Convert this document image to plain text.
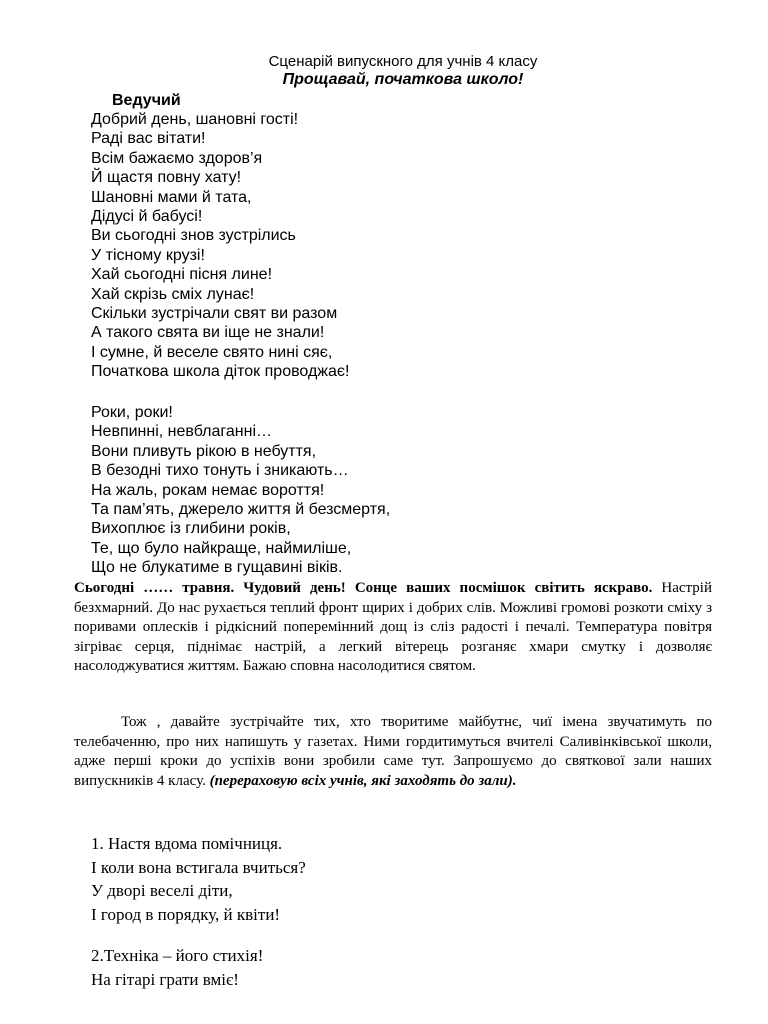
Сценарій випускного для учнів 4 класу
Прощавай, початкова школо!
Ведучий
Добрий день, шановні гості!
Раді вас вітати!
Всім бажаємо здоров’я
Й щастя повну хату!
Шановні мами й тата,
Дідусі й бабусі!
Ви сьогодні знов зустрілись
У тісному крузі!
Хай сьогодні пісня лине!
Хай скрізь сміх лунає!
Скільки зустрічали свят ви разом
А такого свята ви іще не знали!
І сумне, й веселе свято нині сяє,
Початкова школа діток проводжає!
Роки, роки!
Невпинні, невблаганні…
Вони пливуть рікою в небуття,
В безодні тихо тонуть і зникають…
На жаль, рокам немає вороття!
Та пам’ять, джерело життя й безсмертя,
Вихоплює із глибини років,
Те, що було найкраще, наймиліше,
Що не блукатиме в гущавині віків.
Сьогодні …… травня. Чудовий день! Сонце ваших посмішок світить яскраво. Настрій безхмарний. До нас рухається теплий фронт щирих і добрих слів. Можливі громові розкоти сміху з поривами оплесків і рідкісний поперемінний дощ із сліз радості і печалі. Температура повітря зігріває серця, піднімає настрій, а легкий вітерець розганяє хмари смутку і дозволяє насолоджуватися життям. Бажаю сповна насолодитися святом.
Тож , давайте зустрічайте тих, хто творитиме майбутнє, чиї імена звучатимуть по телебаченню, про них напишуть у газетах. Ними гордитимуться вчителі Саливінківської школи, адже перші кроки до успіхів вони зробили саме тут. Запрошуємо до святкової зали наших випускників 4 класу. (перераховую всіх учнів, які заходять до зали).
1. Настя вдома помічниця.
І коли вона встигала вчиться?
У дворі веселі діти,
І город в порядку, й квіти!
2.Техніка – його стихія!
На гітарі грати вміє!
